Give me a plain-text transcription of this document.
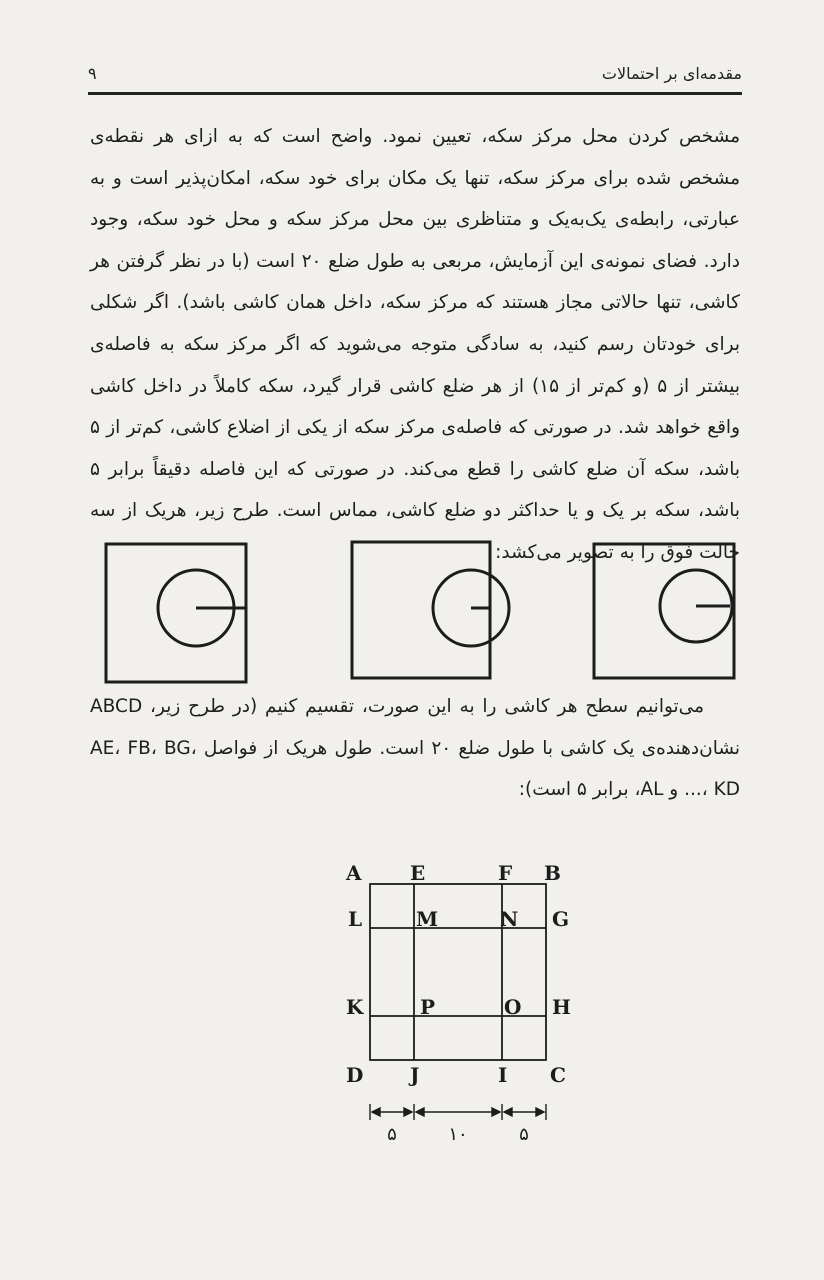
مقدمه‌ای بر احتمالات
۹

مشخص کردن محل مرکز سکه، تعیین نمود. واضح است که به ازای هر نقطه‌ی مشخص شده برای مرکز سکه، تنها یک مکان برای خود سکه، امکان‌پذیر است و به عبارتی، رابطه‌ی یک‌به‌یک و متناظری بین محل مرکز سکه و محل خود سکه، وجود دارد. فضای نمونه‌ی این آزمایش، مربعی به طول ضلع ۲۰ است (با در نظر گرفتن هر کاشی، تنها حالاتی مجاز هستند که مرکز سکه، داخل همان کاشی باشد). اگر شکلی برای خودتان رسم کنید، به سادگی متوجه می‌شوید که اگر مرکز سکه به فاصله‌ی بیشتر از ۵ (و کم‌تر از ۱۵) از هر ضلع کاشی قرار گیرد، سکه کاملاً در داخل کاشی واقع خواهد شد. در صورتی که فاصله‌ی مرکز سکه از یکی از اضلاع کاشی، کم‌تر از ۵ باشد، سکه آن ضلع کاشی را قطع می‌کند. در صورتی که این فاصله دقیقاً برابر ۵ باشد، سکه بر یک و یا حداکثر دو ضلع کاشی، مماس است. طرح زیر، هریک از سه حالت فوق را به تصویر می‌کشد:

می‌توانیم سطح هر کاشی را به این صورت، تقسیم کنیم (در طرح زیر، ABCD نشان‌دهنده‌ی یک کاشی با طول ضلع ۲۰ است. طول هریک از فواصل AE، FB، BG، ...، KD و AL، برابر ۵ است):

A E	F B
L	M	N G
K	P	O H
D J	I C
۵	۱۰	۵
